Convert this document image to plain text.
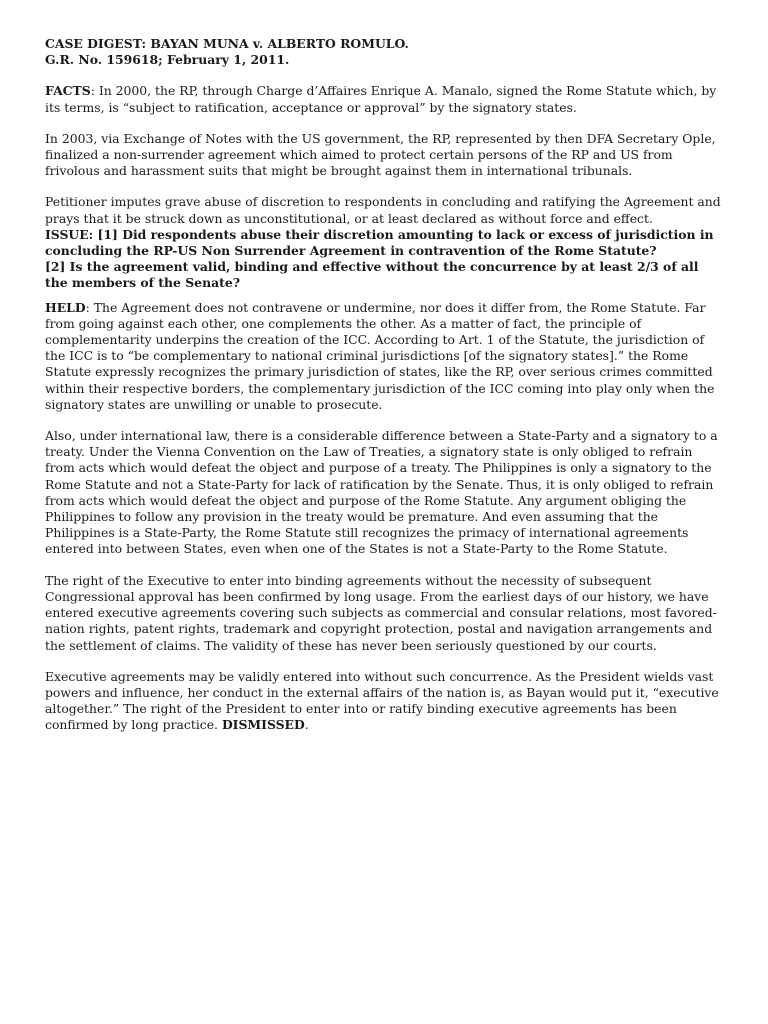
CASE DIGEST: BAYAN MUNA v. ALBERTO ROMULO.
G.R. No. 159618; February 1, 2011.

FACTS: In 2000, the RP, through Charge d’Affaires Enrique A. Manalo, signed the Rome Statute which, by its terms, is “subject to ratification, acceptance or approval” by the signatory states.

In 2003, via Exchange of Notes with the US government, the RP, represented by then DFA Secretary Ople, finalized a non-surrender agreement which aimed to protect certain persons of the RP and US from frivolous and harassment suits that might be brought against them in international tribunals.

Petitioner imputes grave abuse of discretion to respondents in concluding and ratifying the Agreement and prays that it be struck down as unconstitutional, or at least declared as without force and effect.

ISSUE: [1] Did respondents abuse their discretion amounting to lack or excess of jurisdiction in concluding the RP-US Non Surrender Agreement in contravention of the Rome Statute?
[2] Is the agreement valid, binding and effective without the concurrence by at least 2/3 of all the members of the Senate?

HELD: The Agreement does not contravene or undermine, nor does it differ from, the Rome Statute. Far from going against each other, one complements the other. As a matter of fact, the principle of complementarity underpins the creation of the ICC. According to Art. 1 of the Statute, the jurisdiction of the ICC is to “be complementary to national criminal jurisdictions [of the signatory states].” the Rome Statute expressly recognizes the primary jurisdiction of states, like the RP, over serious crimes committed within their respective borders, the complementary jurisdiction of the ICC coming into play only when the signatory states are unwilling or unable to prosecute.

Also, under international law, there is a considerable difference between a State-Party and a signatory to a treaty. Under the Vienna Convention on the Law of Treaties, a signatory state is only obliged to refrain from acts which would defeat the object and purpose of a treaty. The Philippines is only a signatory to the Rome Statute and not a State-Party for lack of ratification by the Senate. Thus, it is only obliged to refrain from acts which would defeat the object and purpose of the Rome Statute. Any argument obliging the Philippines to follow any provision in the treaty would be premature. And even assuming that the Philippines is a State-Party, the Rome Statute still recognizes the primacy of international agreements entered into between States, even when one of the States is not a State-Party to the Rome Statute.

The right of the Executive to enter into binding agreements without the necessity of subsequent Congressional approval has been confirmed by long usage. From the earliest days of our history, we have entered executive agreements covering such subjects as commercial and consular relations, most favored-nation rights, patent rights, trademark and copyright protection, postal and navigation arrangements and the settlement of claims. The validity of these has never been seriously questioned by our courts.

Executive agreements may be validly entered into without such concurrence. As the President wields vast powers and influence, her conduct in the external affairs of the nation is, as Bayan would put it, “executive altogether.” The right of the President to enter into or ratify binding executive agreements has been confirmed by long practice. DISMISSED.
